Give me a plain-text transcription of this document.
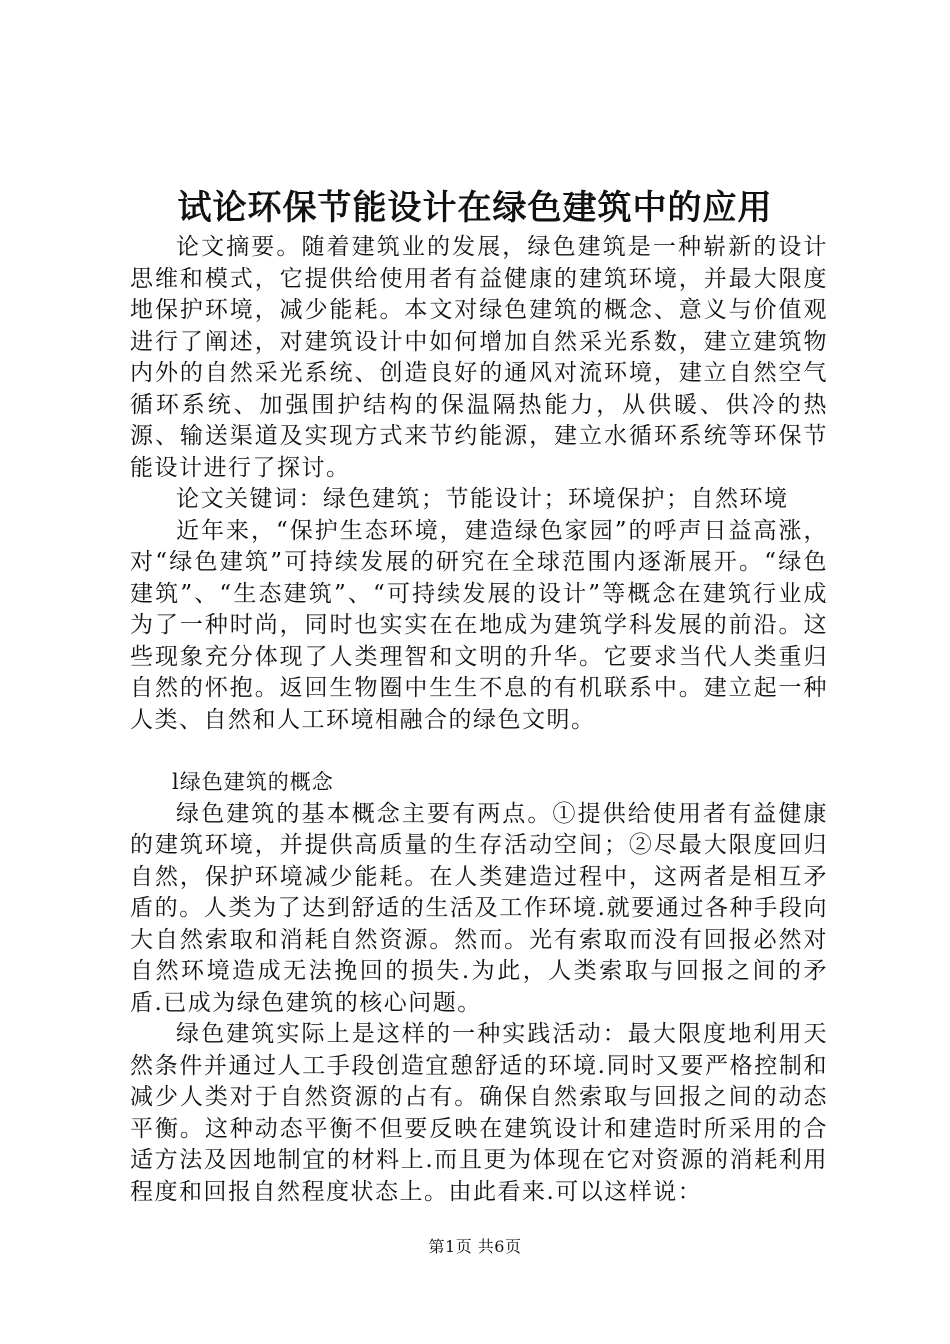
试论环保节能设计在绿色建筑中的应用

论文摘要。随着建筑业的发展，绿色建筑是一种崭新的设计思维和模式，它提供给使用者有益健康的建筑环境，并最大限度地保护环境，减少能耗。本文对绿色建筑的概念、意义与价值观进行了阐述，对建筑设计中如何增加自然采光系数，建立建筑物内外的自然采光系统、创造良好的通风对流环境，建立自然空气循环系统、加强围护结构的保温隔热能力，从供暖、供冷的热源、输送渠道及实现方式来节约能源，建立水循环系统等环保节能设计进行了探讨。

论文关键词：绿色建筑；节能设计；环境保护；自然环境

近年来，“保护生态环境，建造绿色家园”的呼声日益高涨，对“绿色建筑”可持续发展的研究在全球范围内逐渐展开。“绿色建筑”、“生态建筑”、“可持续发展的设计”等概念在建筑行业成为了一种时尚，同时也实实在在地成为建筑学科发展的前沿。这些现象充分体现了人类理智和文明的升华。它要求当代人类重归自然的怀抱。返回生物圈中生生不息的有机联系中。建立起一种人类、自然和人工环境相融合的绿色文明。

l绿色建筑的概念

绿色建筑的基本概念主要有两点。①提供给使用者有益健康的建筑环境，并提供高质量的生存活动空间；②尽最大限度回归自然，保护环境减少能耗。在人类建造过程中，这两者是相互矛盾的。人类为了达到舒适的生活及工作环境.就要通过各种手段向大自然索取和消耗自然资源。然而。光有索取而没有回报必然对自然环境造成无法挽回的损失.为此，人类索取与回报之间的矛盾.已成为绿色建筑的核心问题。

绿色建筑实际上是这样的一种实践活动：最大限度地利用天然条件并通过人工手段创造宜憩舒适的环境.同时又要严格控制和减少人类对于自然资源的占有。确保自然索取与回报之间的动态平衡。这种动态平衡不但要反映在建筑设计和建造时所采用的合适方法及因地制宜的材料上.而且更为体现在它对资源的消耗利用程度和回报自然程度状态上。由此看来.可以这样说：

第1页 共6页
